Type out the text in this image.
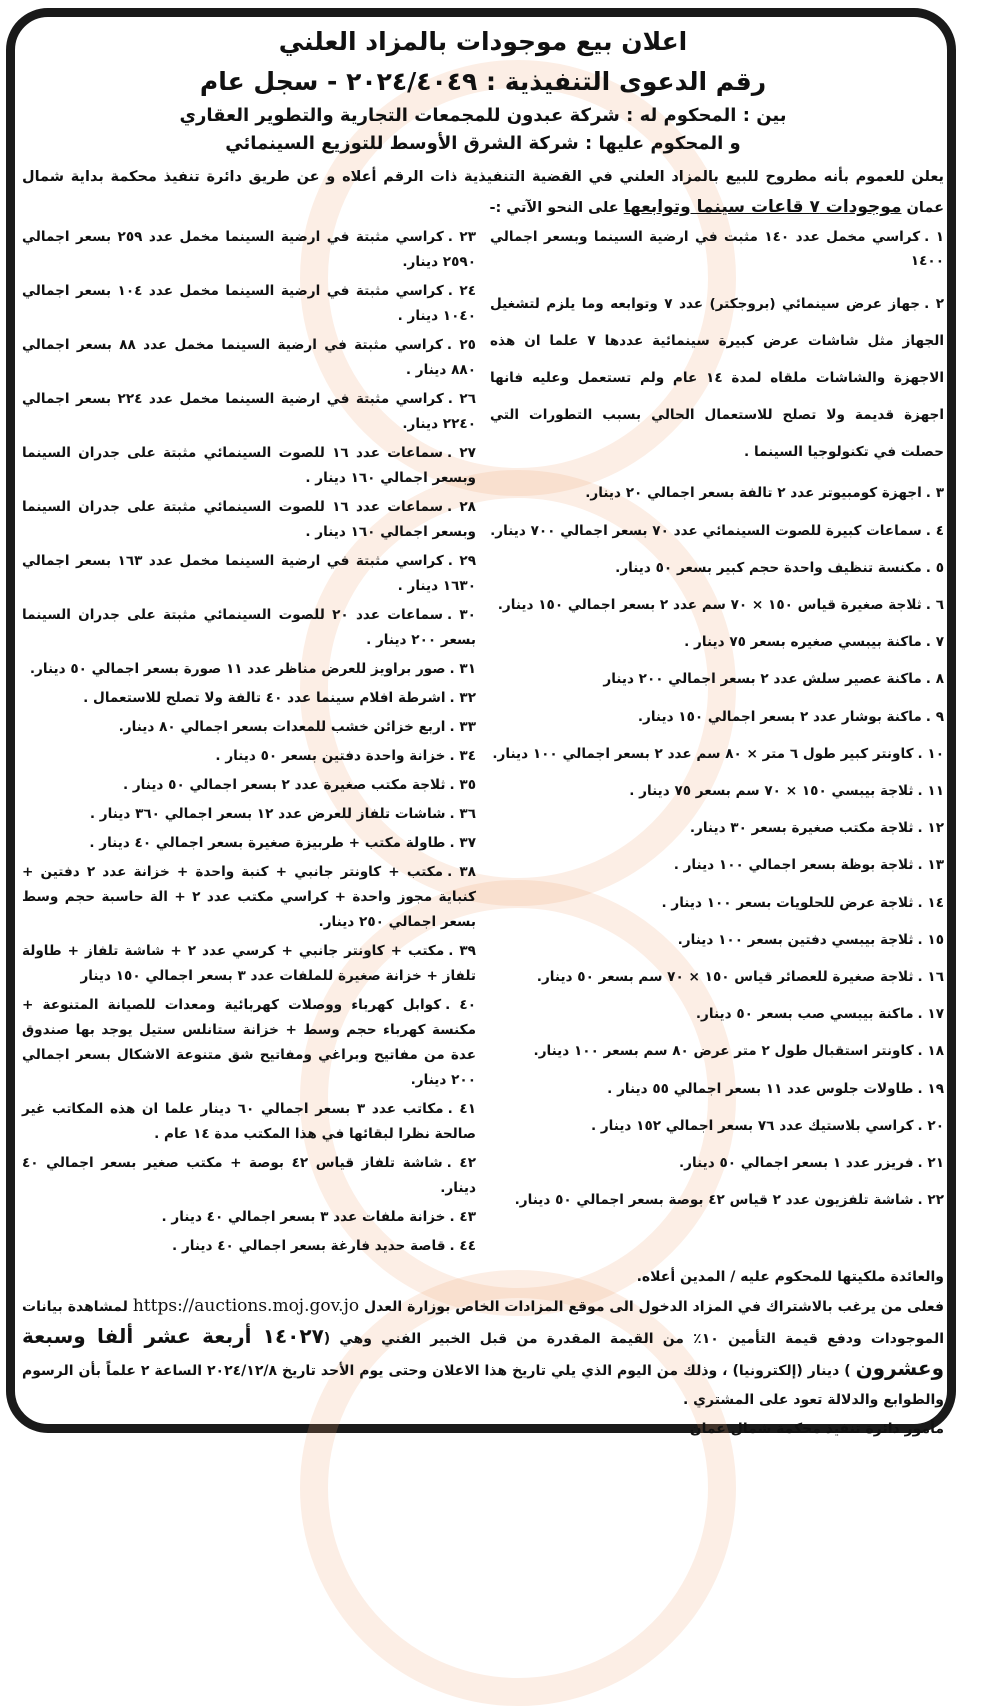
اعلان بيع موجودات بالمزاد العلني
رقم الدعوى التنفيذية : ٢٠٢٤/٤٠٤٩ - سجل عام
بين : المحكوم له : شركة عبدون للمجمعات التجارية والتطوير العقاري
و المحكوم عليها : شركة الشرق الأوسط للتوزيع السينمائي
يعلن للعموم بأنه مطروح للبيع بالمزاد العلني في القضية التنفيذية ذات الرقم أعلاه و عن طريق دائرة تنفيذ محكمة بداية شمال عمان موجودات ٧ قاعات سينما وتوابعها على النحو الآتي :-
١ .كراسي مخمل عدد ١٤٠ مثبت في ارضية السينما وبسعر اجمالي ١٤٠٠
٢ .جهاز عرض سينمائي (بروجكتر) عدد ٧ وتوابعه وما يلزم لتشغيل الجهاز مثل شاشات عرض كبيرة سينمائية عددها ٧ علما ان هذه الاجهزة والشاشات ملقاه لمدة ١٤ عام ولم تستعمل وعليه فانها اجهزة قديمة ولا تصلح للاستعمال الحالي بسبب التطورات التي حصلت في تكنولوجيا السينما .
٣ .اجهزة كومبيوتر عدد ٢ تالفة بسعر اجمالي ٢٠ دينار.
٤ .سماعات كبيرة للصوت السينمائي عدد ٧٠ بسعر اجمالي ٧٠٠ دينار.
٥ .مكنسة تنظيف واحدة حجم كبير بسعر ٥٠ دينار.
٦ .ثلاجة صغيرة قياس ١٥٠ × ٧٠ سم عدد ٢ بسعر اجمالي ١٥٠ دينار.
٧ .ماكنة بيبسي صغيره بسعر ٧٥ دينار .
٨ .ماكنة عصير سلش عدد ٢ بسعر اجمالي ٢٠٠ دينار
٩ .ماكنة بوشار عدد ٢ بسعر اجمالي ١٥٠ دينار.
١٠ .كاونتر كبير طول ٦ متر × ٨٠ سم عدد ٢ بسعر اجمالي ١٠٠ دينار.
١١ .ثلاجة بيبسي ١٥٠ × ٧٠ سم بسعر ٧٥ دينار .
١٢ .ثلاجة مكتب صغيرة بسعر ٣٠ دينار.
١٣ .ثلاجة بوظة بسعر اجمالي ١٠٠ دينار .
١٤ .ثلاجة عرض للحلويات بسعر ١٠٠ دينار .
١٥ .ثلاجة بيبسي دفتين بسعر ١٠٠ دينار.
١٦ .ثلاجة صغيرة للعصائر قياس ١٥٠ × ٧٠ سم بسعر ٥٠ دينار.
١٧ .ماكنة بيبسي صب بسعر ٥٠ دينار.
١٨ .كاونتر استقبال طول ٢ متر عرض ٨٠ سم بسعر ١٠٠ دينار.
١٩ .طاولات جلوس عدد ١١ بسعر اجمالي ٥٥ دينار .
٢٠ .كراسي بلاستيك عدد ٧٦ بسعر اجمالي ١٥٢ دينار .
٢١ .فريزر عدد ١ بسعر اجمالي ٥٠ دينار.
٢٢ .شاشة تلفزيون عدد ٢ قياس ٤٢ بوصة بسعر اجمالي ٥٠ دينار.
٢٣ .كراسي مثبتة في ارضية السينما مخمل عدد ٢٥٩ بسعر اجمالي ٢٥٩٠ دينار.
٢٤ .كراسي مثبتة في ارضية السينما مخمل عدد ١٠٤ بسعر اجمالي ١٠٤٠ دينار .
٢٥ .كراسي مثبتة في ارضية السينما مخمل عدد ٨٨ بسعر اجمالي ٨٨٠ دينار .
٢٦ .كراسي مثبتة في ارضية السينما مخمل عدد ٢٢٤ بسعر اجمالي ٢٢٤٠ دينار.
٢٧ .سماعات عدد ١٦ للصوت السينمائي مثبتة على جدران السينما وبسعر اجمالي ١٦٠ دينار .
٢٨ .سماعات عدد ١٦ للصوت السينمائي مثبتة على جدران السينما وبسعر اجمالي ١٦٠ دينار .
٢٩ .كراسي مثبتة في ارضية السينما مخمل عدد ١٦٣ بسعر اجمالي ١٦٣٠ دينار .
٣٠ .سماعات عدد ٢٠ للصوت السينمائي مثبتة على جدران السينما بسعر ٢٠٠ دينار .
٣١ .صور براويز للعرض مناظر عدد ١١ صورة بسعر اجمالي ٥٠ دينار.
٣٢ .اشرطة افلام سينما عدد ٤٠ تالفة ولا تصلح للاستعمال .
٣٣ .اربع خزائن خشب للمعدات بسعر اجمالي ٨٠ دينار.
٣٤ .خزانة واحدة دفتين بسعر ٥٠ دينار .
٣٥ .ثلاجة مكتب صغيرة عدد ٢ بسعر اجمالي ٥٠ دينار .
٣٦ .شاشات تلفاز للعرض عدد ١٢ بسعر اجمالي ٣٦٠ دينار .
٣٧ .طاولة مكتب + طربيزة صغيرة بسعر اجمالي ٤٠ دينار .
٣٨ .مكتب + كاونتر جانبي + كنبة واحدة + خزانة عدد ٢ دفتين + كنباية مجوز واحدة + كراسي مكتب عدد ٢ + الة حاسبة حجم وسط بسعر اجمالي ٢٥٠ دينار.
٣٩ .مكتب + كاونتر جانبي + كرسي عدد ٢ + شاشة تلفاز + طاولة تلفاز + خزانة صغيرة للملفات عدد ٣ بسعر اجمالي ١٥٠ دينار
٤٠ .كوابل كهرباء ووصلات كهربائية ومعدات للصيانة المتنوعة + مكنسة كهرباء حجم وسط + خزانة ستانلس ستيل يوجد بها صندوق عدة من مفاتيح وبراغي ومفاتيح شق متنوعة الاشكال بسعر اجمالي ٢٠٠ دينار.
٤١ .مكاتب عدد ٣ بسعر اجمالي ٦٠ دينار علما ان هذه المكاتب غير صالحة نظرا لبقائها في هذا المكتب مدة ١٤ عام .
٤٢ .شاشة تلفاز قياس ٤٢ بوصة + مكتب صغير بسعر اجمالي ٤٠ دينار.
٤٣ .خزانة ملفات عدد ٣ بسعر اجمالي ٤٠ دينار .
٤٤ .قاصة حديد فارغة بسعر اجمالي ٤٠ دينار .
والعائدة ملكيتها للمحكوم عليه / المدين أعلاه.
فعلى من يرغب بالاشتراك في المزاد الدخول الى موقع المزادات الخاص بوزارة العدل https://auctions.moj.gov.jo لمشاهدة بيانات الموجودات ودفع قيمة التأمين ١٠٪ من القيمة المقدرة من قبل الخبير الفني وهي (١٤٠٢٧ أربعة عشر ألفا وسبعة وعشرون ) دينار (إلكترونيا) ، وذلك من اليوم الذي يلي تاريخ هذا الاعلان وحتى يوم الأحد تاريخ ٢٠٢٤/١٢/٨ الساعة ٢ علماً بأن الرسوم والطوابع والدلالة تعود على المشتري .
مأمور دائرة تنفيذ محكمة شمال عمان
